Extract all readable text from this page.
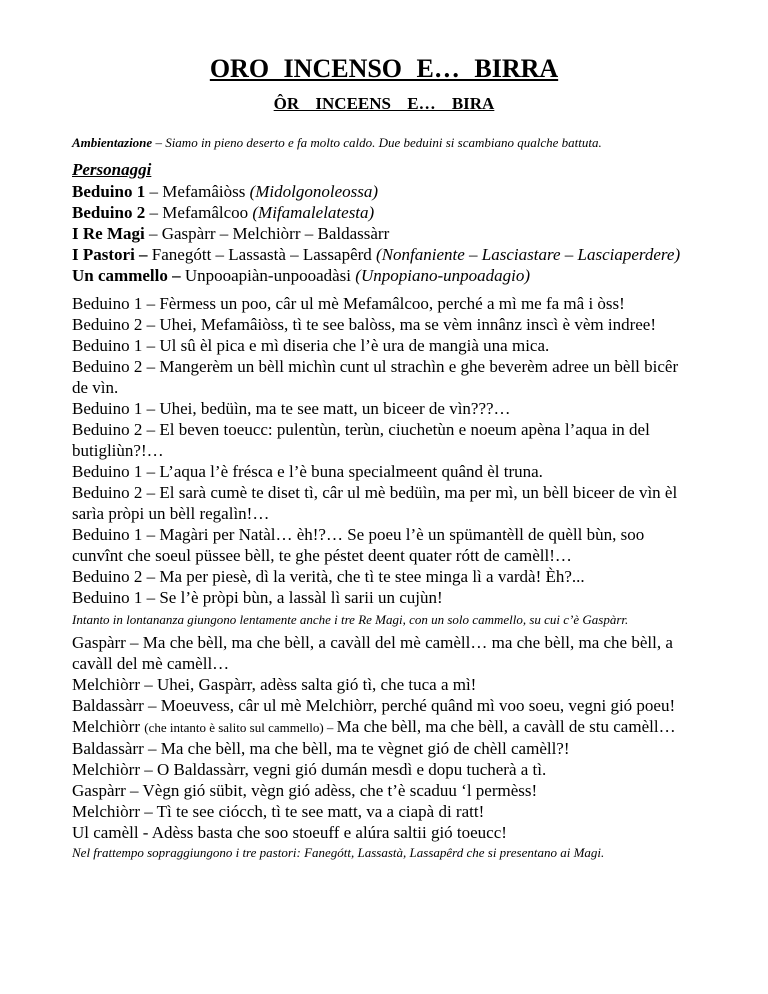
ORO INCENSO E… BIRRA
ÔR INCEENS E… BIRA
Ambientazione – Siamo in pieno deserto e fa molto caldo. Due beduini si scambiano qualche battuta.
Personaggi
Beduino 1 – Mefamâiòss (Midolgonoleossa)
Beduino 2 – Mefamâlcoo (Mifamalelatesta)
I Re Magi – Gaspàrr – Melchiòrr – Baldassàrr
I Pastori – Fanegótt – Lassastà – Lassapêrd (Nonfaniente – Lasciastare – Lasciaperdere)
Un cammello – Unpooapiàn-unpooadàsi (Unpopiano-unpoadagio)

Beduino 1 – Fèrmess un poo, câr ul mè Mefamâlcoo, perché a mì me fa mâ i òss!

Beduino 2 – Uhei, Mefamâiòss, tì te see balòss, ma se vèm innânz inscì è vèm indree!

Beduino 1 – Ul sû èl pica e mì diseria che l’è ura de mangià una mica.

Beduino 2 – Mangerèm un bèll michìn cunt ul strachìn e ghe beverèm adree un bèll bicêr de vìn.

Beduino 1 – Uhei, bedüìn, ma te see matt, un biceer de vìn???…

Beduino 2 – El beven toeucc: pulentùn, terùn, ciuchetùn e noeum apèna l’aqua in del butigliùn?!…

Beduino 1 – L’aqua l’è frésca e l’è buna specialmeent quând èl truna.

Beduino 2 – El sarà cumè te diset tì, câr ul mè bedüìn, ma per mì, un bèll biceer de vìn èl sarìa pròpi un bèll regalìn!…

Beduino 1 – Magàri per Natàl… èh!?… Se poeu l’è un spümantèll de quèll bùn, soo cunvînt che soeul püssee bèll, te ghe péstet deent quater rótt de camèll!…

Beduino 2 – Ma per piesè, dì la verità, che tì te stee minga lì a vardà! Èh?...

Beduino 1 – Se l’è pròpi bùn, a lassàl lì sarii un cujùn!

Intanto in lontananza giungono lentamente anche i tre Re Magi, con un solo cammello, su cui c’è Gaspàrr.

Gaspàrr – Ma che bèll, ma che bèll, a cavàll del mè camèll… ma che bèll, ma che bèll, a cavàll del mè camèll…

Melchiòrr – Uhei, Gaspàrr, adèss salta gió tì, che tuca a mì!

Baldassàrr – Moeuvess, câr ul mè Melchiòrr, perché quând mì voo soeu, vegni gió poeu!

Melchiòrr (che intanto è salito sul cammello) – Ma che bèll, ma che bèll, a cavàll de stu camèll…

Baldassàrr – Ma che bèll, ma che bèll, ma te vègnet gió de chèll camèll?!

Melchiòrr – O Baldassàrr, vegni gió dumán mesdì e dopu tucherà a tì.

Gaspàrr – Vègn gió sübit, vègn gió adèss, che t’è scaduu ‘l permèss!

Melchiòrr – Tì te see ciócch, tì te see matt, va a ciapà di ratt!

Ul camèll - Adèss basta che soo stoeuff e alúra saltii gió toeucc!

Nel frattempo sopraggiungono i tre pastori: Fanegótt, Lassastà, Lassapêrd che si presentano ai Magi.
